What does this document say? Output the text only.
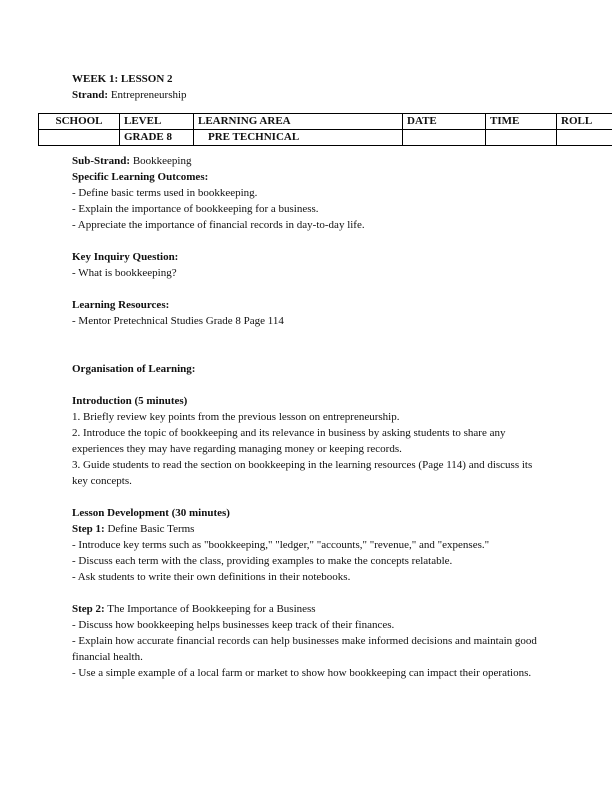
WEEK 1: LESSON 2

Strand: Entrepreneurship

SCHOOL	LEVEL	LEARNING AREA	DATE	TIME	ROLL
	GRADE 8	PRE TECHNICAL			

Sub-Strand: Bookkeeping

Specific Learning Outcomes:

- Define basic terms used in bookkeeping.

- Explain the importance of bookkeeping for a business.

- Appreciate the importance of financial records in day-to-day life.

Key Inquiry Question:

- What is bookkeeping?

Learning Resources:

- Mentor Pretechnical Studies Grade 8 Page 114

Organisation of Learning:

Introduction (5 minutes)

1. Briefly review key points from the previous lesson on entrepreneurship.

2. Introduce the topic of bookkeeping and its relevance in business by asking students to share any experiences they may have regarding managing money or keeping records.

3. Guide students to read the section on bookkeeping in the learning resources (Page 114) and discuss its key concepts.

Lesson Development (30 minutes)

Step 1: Define Basic Terms

- Introduce key terms such as "bookkeeping," "ledger," "accounts," "revenue," and "expenses."

- Discuss each term with the class, providing examples to make the concepts relatable.

- Ask students to write their own definitions in their notebooks.

Step 2: The Importance of Bookkeeping for a Business

- Discuss how bookkeeping helps businesses keep track of their finances.

- Explain how accurate financial records can help businesses make informed decisions and maintain good financial health.

- Use a simple example of a local farm or market to show how bookkeeping can impact their operations.
